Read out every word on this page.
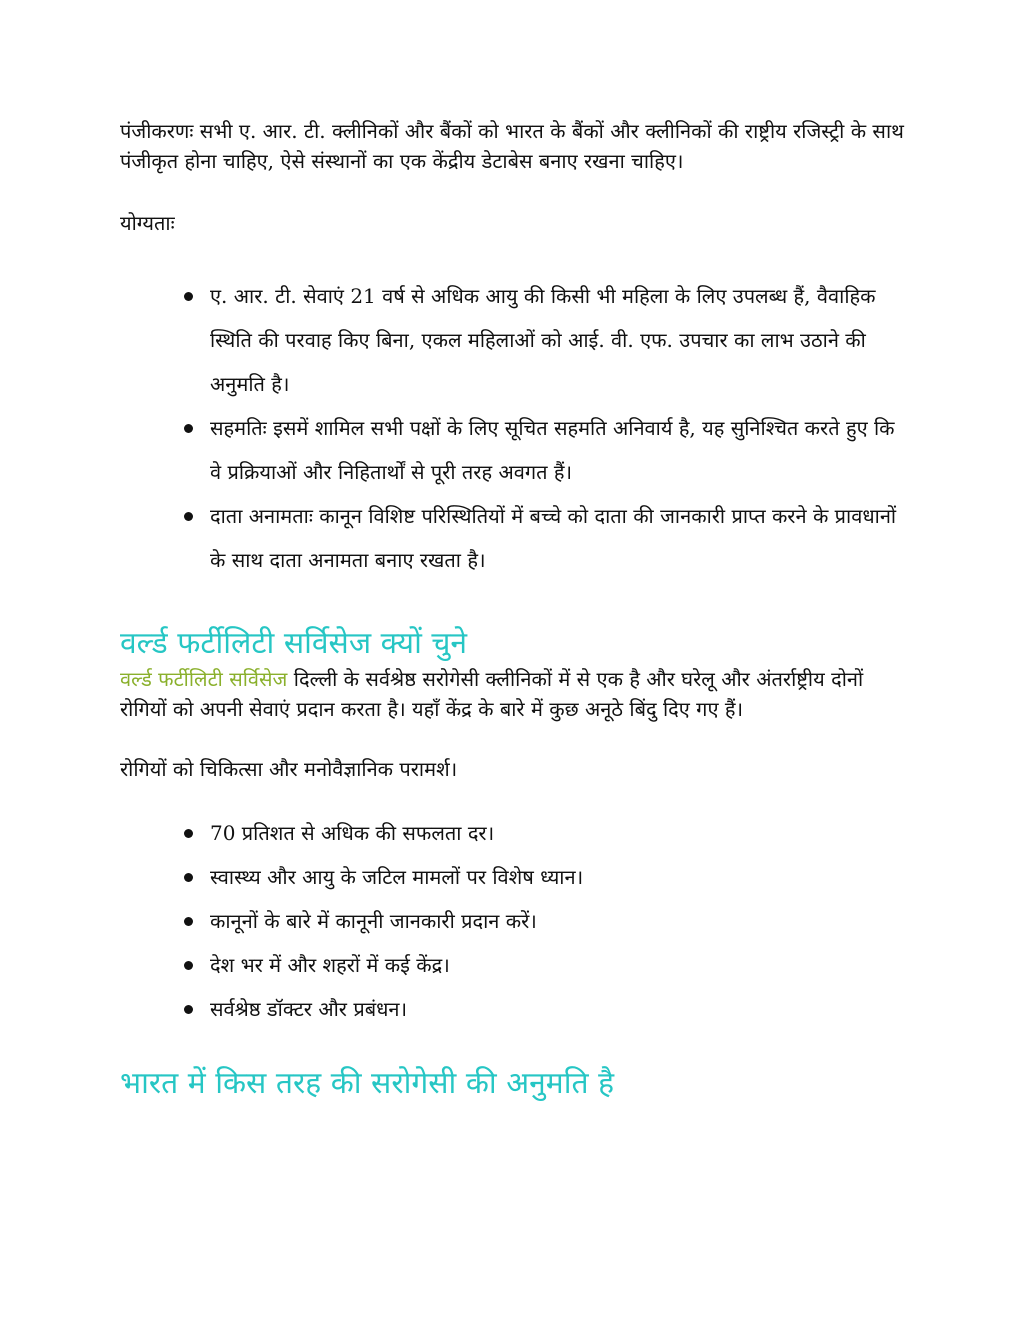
पंजीकरणः सभी ए. आर. टी. क्लीनिकों और बैंकों को भारत के बैंकों और क्लीनिकों की राष्ट्रीय रजिस्ट्री के साथ पंजीकृत होना चाहिए, ऐसे संस्थानों का एक केंद्रीय डेटाबेस बनाए रखना चाहिए।

योग्यताः

ए. आर. टी. सेवाएं 21 वर्ष से अधिक आयु की किसी भी महिला के लिए उपलब्ध हैं, वैवाहिक स्थिति की परवाह किए बिना, एकल महिलाओं को आई. वी. एफ. उपचार का लाभ उठाने की अनुमति है।
सहमतिः इसमें शामिल सभी पक्षों के लिए सूचित सहमति अनिवार्य है, यह सुनिश्चित करते हुए कि वे प्रक्रियाओं और निहितार्थों से पूरी तरह अवगत हैं।
दाता अनामताः कानून विशिष्ट परिस्थितियों में बच्चे को दाता की जानकारी प्राप्त करने के प्रावधानों के साथ दाता अनामता बनाए रखता है।
वर्ल्ड फर्टीलिटी सर्विसेज क्यों चुने

वर्ल्ड फर्टीलिटी सर्विसेज दिल्ली के सर्वश्रेष्ठ सरोगेसी क्लीनिकों में से एक है और घरेलू और अंतर्राष्ट्रीय दोनों रोगियों को अपनी सेवाएं प्रदान करता है। यहाँ केंद्र के बारे में कुछ अनूठे बिंदु दिए गए हैं।

रोगियों को चिकित्सा और मनोवैज्ञानिक परामर्श।

70 प्रतिशत से अधिक की सफलता दर।
स्वास्थ्य और आयु के जटिल मामलों पर विशेष ध्यान।
कानूनों के बारे में कानूनी जानकारी प्रदान करें।
देश भर में और शहरों में कई केंद्र।
सर्वश्रेष्ठ डॉक्टर और प्रबंधन।
भारत में किस तरह की सरोगेसी की अनुमति है
